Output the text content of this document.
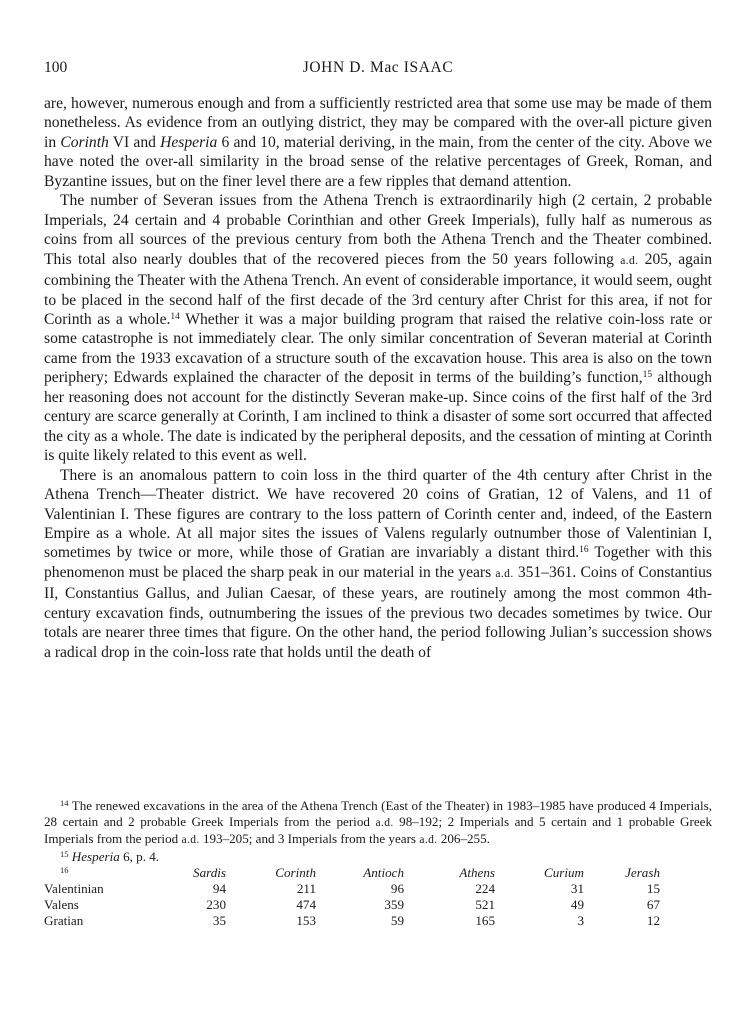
100	JOHN D. Mac ISAAC

are, however, numerous enough and from a sufficiently restricted area that some use may be made of them nonetheless. As evidence from an outlying district, they may be compared with the over-all picture given in Corinth VI and Hesperia 6 and 10, material deriving, in the main, from the center of the city. Above we have noted the over-all similarity in the broad sense of the relative percentages of Greek, Roman, and Byzantine issues, but on the finer level there are a few ripples that demand attention.

The number of Severan issues from the Athena Trench is extraordinarily high (2 certain, 2 probable Imperials, 24 certain and 4 probable Corinthian and other Greek Imperials), fully half as numerous as coins from all sources of the previous century from both the Athena Trench and the Theater combined. This total also nearly doubles that of the recovered pieces from the 50 years following a.d. 205, again combining the Theater with the Athena Trench. An event of considerable importance, it would seem, ought to be placed in the second half of the first decade of the 3rd century after Christ for this area, if not for Corinth as a whole.$^{14}$ Whether it was a major building program that raised the relative coin-loss rate or some catastrophe is not immediately clear. The only similar concentration of Severan material at Corinth came from the 1933 excavation of a structure south of the excavation house. This area is also on the town periphery; Edwards explained the character of the deposit in terms of the building’s function,$^{15}$ although her reasoning does not account for the distinctly Severan make-up. Since coins of the first half of the 3rd century are scarce generally at Corinth, I am inclined to think a disaster of some sort occurred that affected the city as a whole. The date is indicated by the peripheral deposits, and the cessation of minting at Corinth is quite likely related to this event as well.

There is an anomalous pattern to coin loss in the third quarter of the 4th century after Christ in the Athena Trench—Theater district. We have recovered 20 coins of Gratian, 12 of Valens, and 11 of Valentinian I. These figures are contrary to the loss pattern of Corinth center and, indeed, of the Eastern Empire as a whole. At all major sites the issues of Valens regularly outnumber those of Valentinian I, sometimes by twice or more, while those of Gratian are invariably a distant third.$^{16}$ Together with this phenomenon must be placed the sharp peak in our material in the years a.d. 351–361. Coins of Constantius II, Constantius Gallus, and Julian Caesar, of these years, are routinely among the most common 4th-century excavation finds, outnumbering the issues of the previous two decades sometimes by twice. Our totals are nearer three times that figure. On the other hand, the period following Julian’s succession shows a radical drop in the coin-loss rate that holds until the death of

$^{14}$ The renewed excavations in the area of the Athena Trench (East of the Theater) in 1983–1985 have produced 4 Imperials, 28 certain and 2 probable Greek Imperials from the period a.d. 98–192; 2 Imperials and 5 certain and 1 probable Greek Imperials from the period a.d. 193–205; and 3 Imperials from the years a.d. 206–255.

$^{15}$ Hesperia 6, p. 4.

$^{16}$	Sardis	Corinth	Antioch	Athens	Curium	Jerash
Valentinian	94	211	96	224	31	15
Valens	230	474	359	521	49	67
Gratian	35	153	59	165	3	12
